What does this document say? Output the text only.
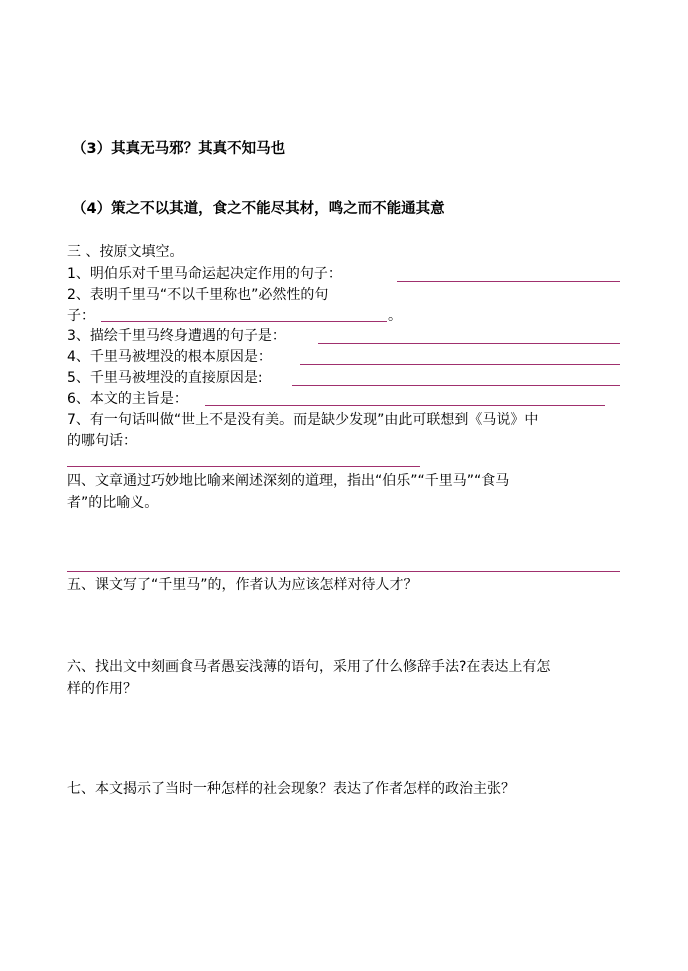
（3）其真无马邪？其真不知马也
（4）策之不以其道，食之不能尽其材，鸣之而不能通其意
三 、按原文填空。
1、明伯乐对千里马命运起决定作用的句子：
2、表明千里马“不以千里称也”必然性的句
子：	。
3、描绘千里马终身遭遇的句子是：
4、千里马被埋没的根本原因是：
5、千里马被埋没的直接原因是:
6、本文的主旨是：
7、有一句话叫做“世上不是没有美。而是缺少发现”由此可联想到《马说》中
的哪句话：
四、文章通过巧妙地比喻来阐述深刻的道理，指出“伯乐”“千里马”“食马
者”的比喻义。
五、课文写了“千里马”的，作者认为应该怎样对待人才？
六、找出文中刻画食马者愚妄浅薄的语句，采用了什么修辞手法?在表达上有怎
样的作用？
七、本文揭示了当时一种怎样的社会现象？表达了作者怎样的政治主张？
